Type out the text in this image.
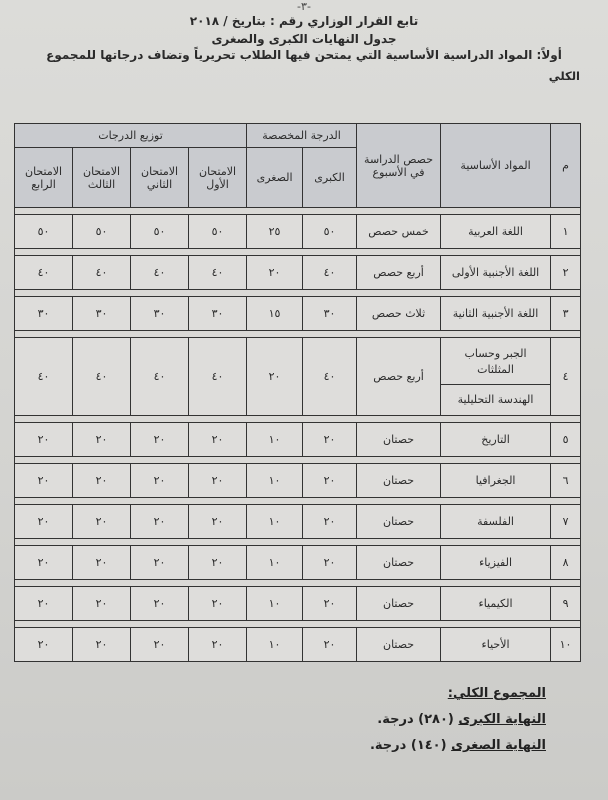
-٣-
تابع القرار الوزاري رقم : بتاريخ / ٢٠١٨
جدول النهايات الكبرى والصغرى
أولاً: المواد الدراسية الأساسية التي يمتحن فيها الطلاب تحريرياً وتضاف درجاتها للمجموع
الكلي
م	المواد الأساسية	حصص الدراسة في الأسبوع	الدرجة المخصصة		توزيع الدرجات			
			الكبرى	الصغرى	الامتحان الأول	الامتحان الثاني	الامتحان الثالث	الامتحان الرابع

١	اللغة العربية	خمس حصص	٥٠	٢٥	٥٠	٥٠	٥٠	٥٠

٢	اللغة الأجنبية الأولى	أربع حصص	٤٠	٢٠	٤٠	٤٠	٤٠	٤٠

٣	اللغة الأجنبية الثانية	ثلاث حصص	٣٠	١٥	٣٠	٣٠	٣٠	٣٠

٤	الجبر وحساب المثلثات
الهندسة التحليلية	أربع حصص	٤٠	٢٠	٤٠	٤٠	٤٠	٤٠

٥	التاريخ	حصتان	٢٠	١٠	٢٠	٢٠	٢٠	٢٠

٦	الجغرافيا	حصتان	٢٠	١٠	٢٠	٢٠	٢٠	٢٠

٧	الفلسفة	حصتان	٢٠	١٠	٢٠	٢٠	٢٠	٢٠

٨	الفيزياء	حصتان	٢٠	١٠	٢٠	٢٠	٢٠	٢٠

٩	الكيمياء	حصتان	٢٠	١٠	٢٠	٢٠	٢٠	٢٠

١٠	الأحياء	حصتان	٢٠	١٠	٢٠	٢٠	٢٠	٢٠
المجموع الكلي:
النهاية الكبرى (٢٨٠) درجة.
النهاية الصغرى (١٤٠) درجة.
